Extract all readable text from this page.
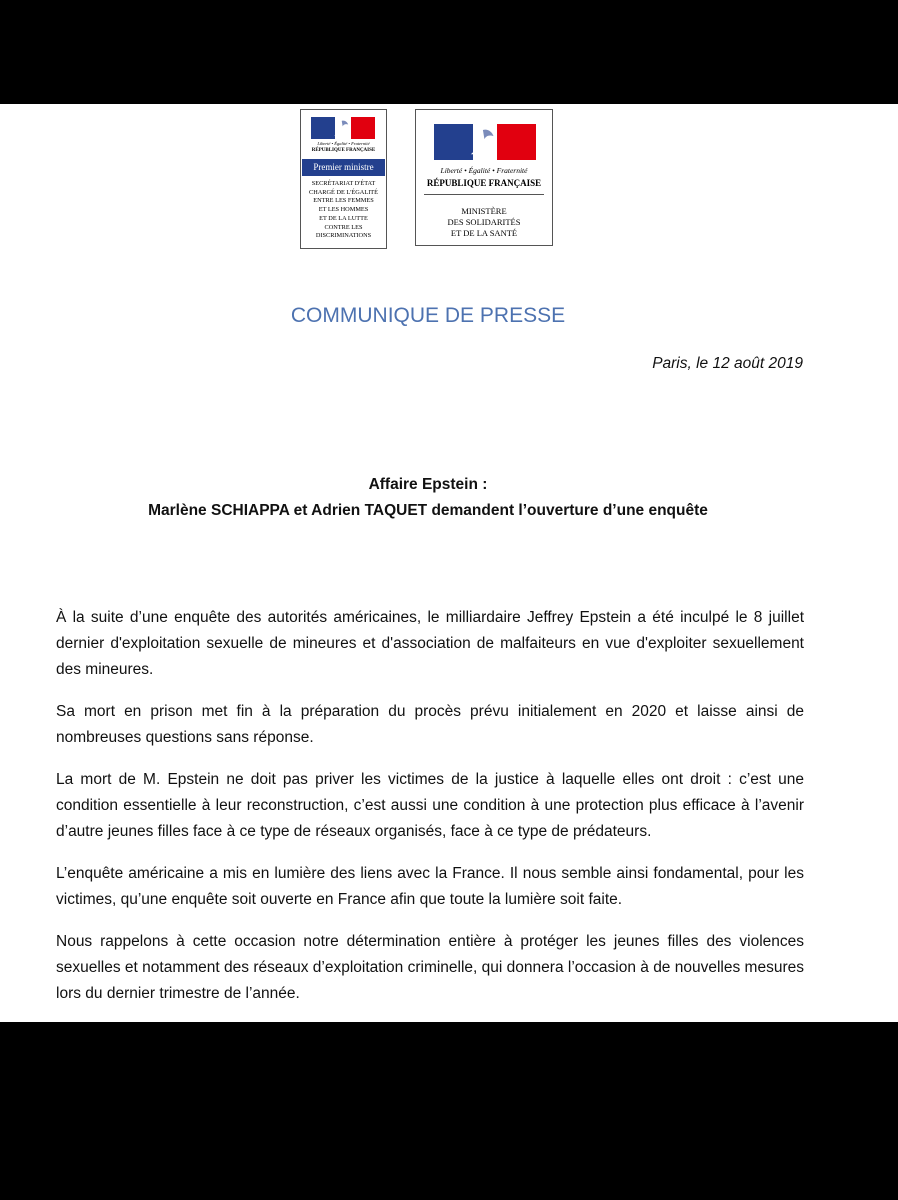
Liberté • Égalité • Fraternité
RÉPUBLIQUE FRANÇAISE
Premier ministre
SECRÉTARIAT D'ÉTAT
CHARGÉ DE L'ÉGALITÉ
ENTRE LES FEMMES
ET LES HOMMES
ET DE LA LUTTE
CONTRE LES
DISCRIMINATIONS
Liberté • Égalité • Fraternité
RÉPUBLIQUE FRANÇAISE
MINISTÈRE
DES SOLIDARITÉS
ET DE LA SANTÉ
COMMUNIQUE DE PRESSE
Paris, le 12 août 2019
Affaire Epstein :
Marlène SCHIAPPA et Adrien TAQUET demandent l’ouverture d’une enquête

À la suite d’une enquête des autorités américaines, le milliardaire Jeffrey Epstein a été inculpé le 8 juillet dernier d'exploitation sexuelle de mineures et d'association de malfaiteurs en vue d'exploiter sexuellement des mineures.

Sa mort en prison met fin à la préparation du procès prévu initialement en 2020 et laisse ainsi de nombreuses questions sans réponse.

La mort de M. Epstein ne doit pas priver les victimes de la justice à laquelle elles ont droit : c’est une condition essentielle à leur reconstruction, c’est aussi une condition à une protection plus efficace à l’avenir d’autre jeunes filles face à ce type de réseaux organisés, face à ce type de prédateurs.

L’enquête américaine a mis en lumière des liens avec la France. Il nous semble ainsi fondamental, pour les victimes, qu’une enquête soit ouverte en France afin que toute la lumière soit faite.

Nous rappelons à cette occasion notre détermination entière à protéger les jeunes filles des violences sexuelles et notamment des réseaux d’exploitation criminelle, qui donnera l’occasion à de nouvelles mesures lors du dernier trimestre de l’année.
